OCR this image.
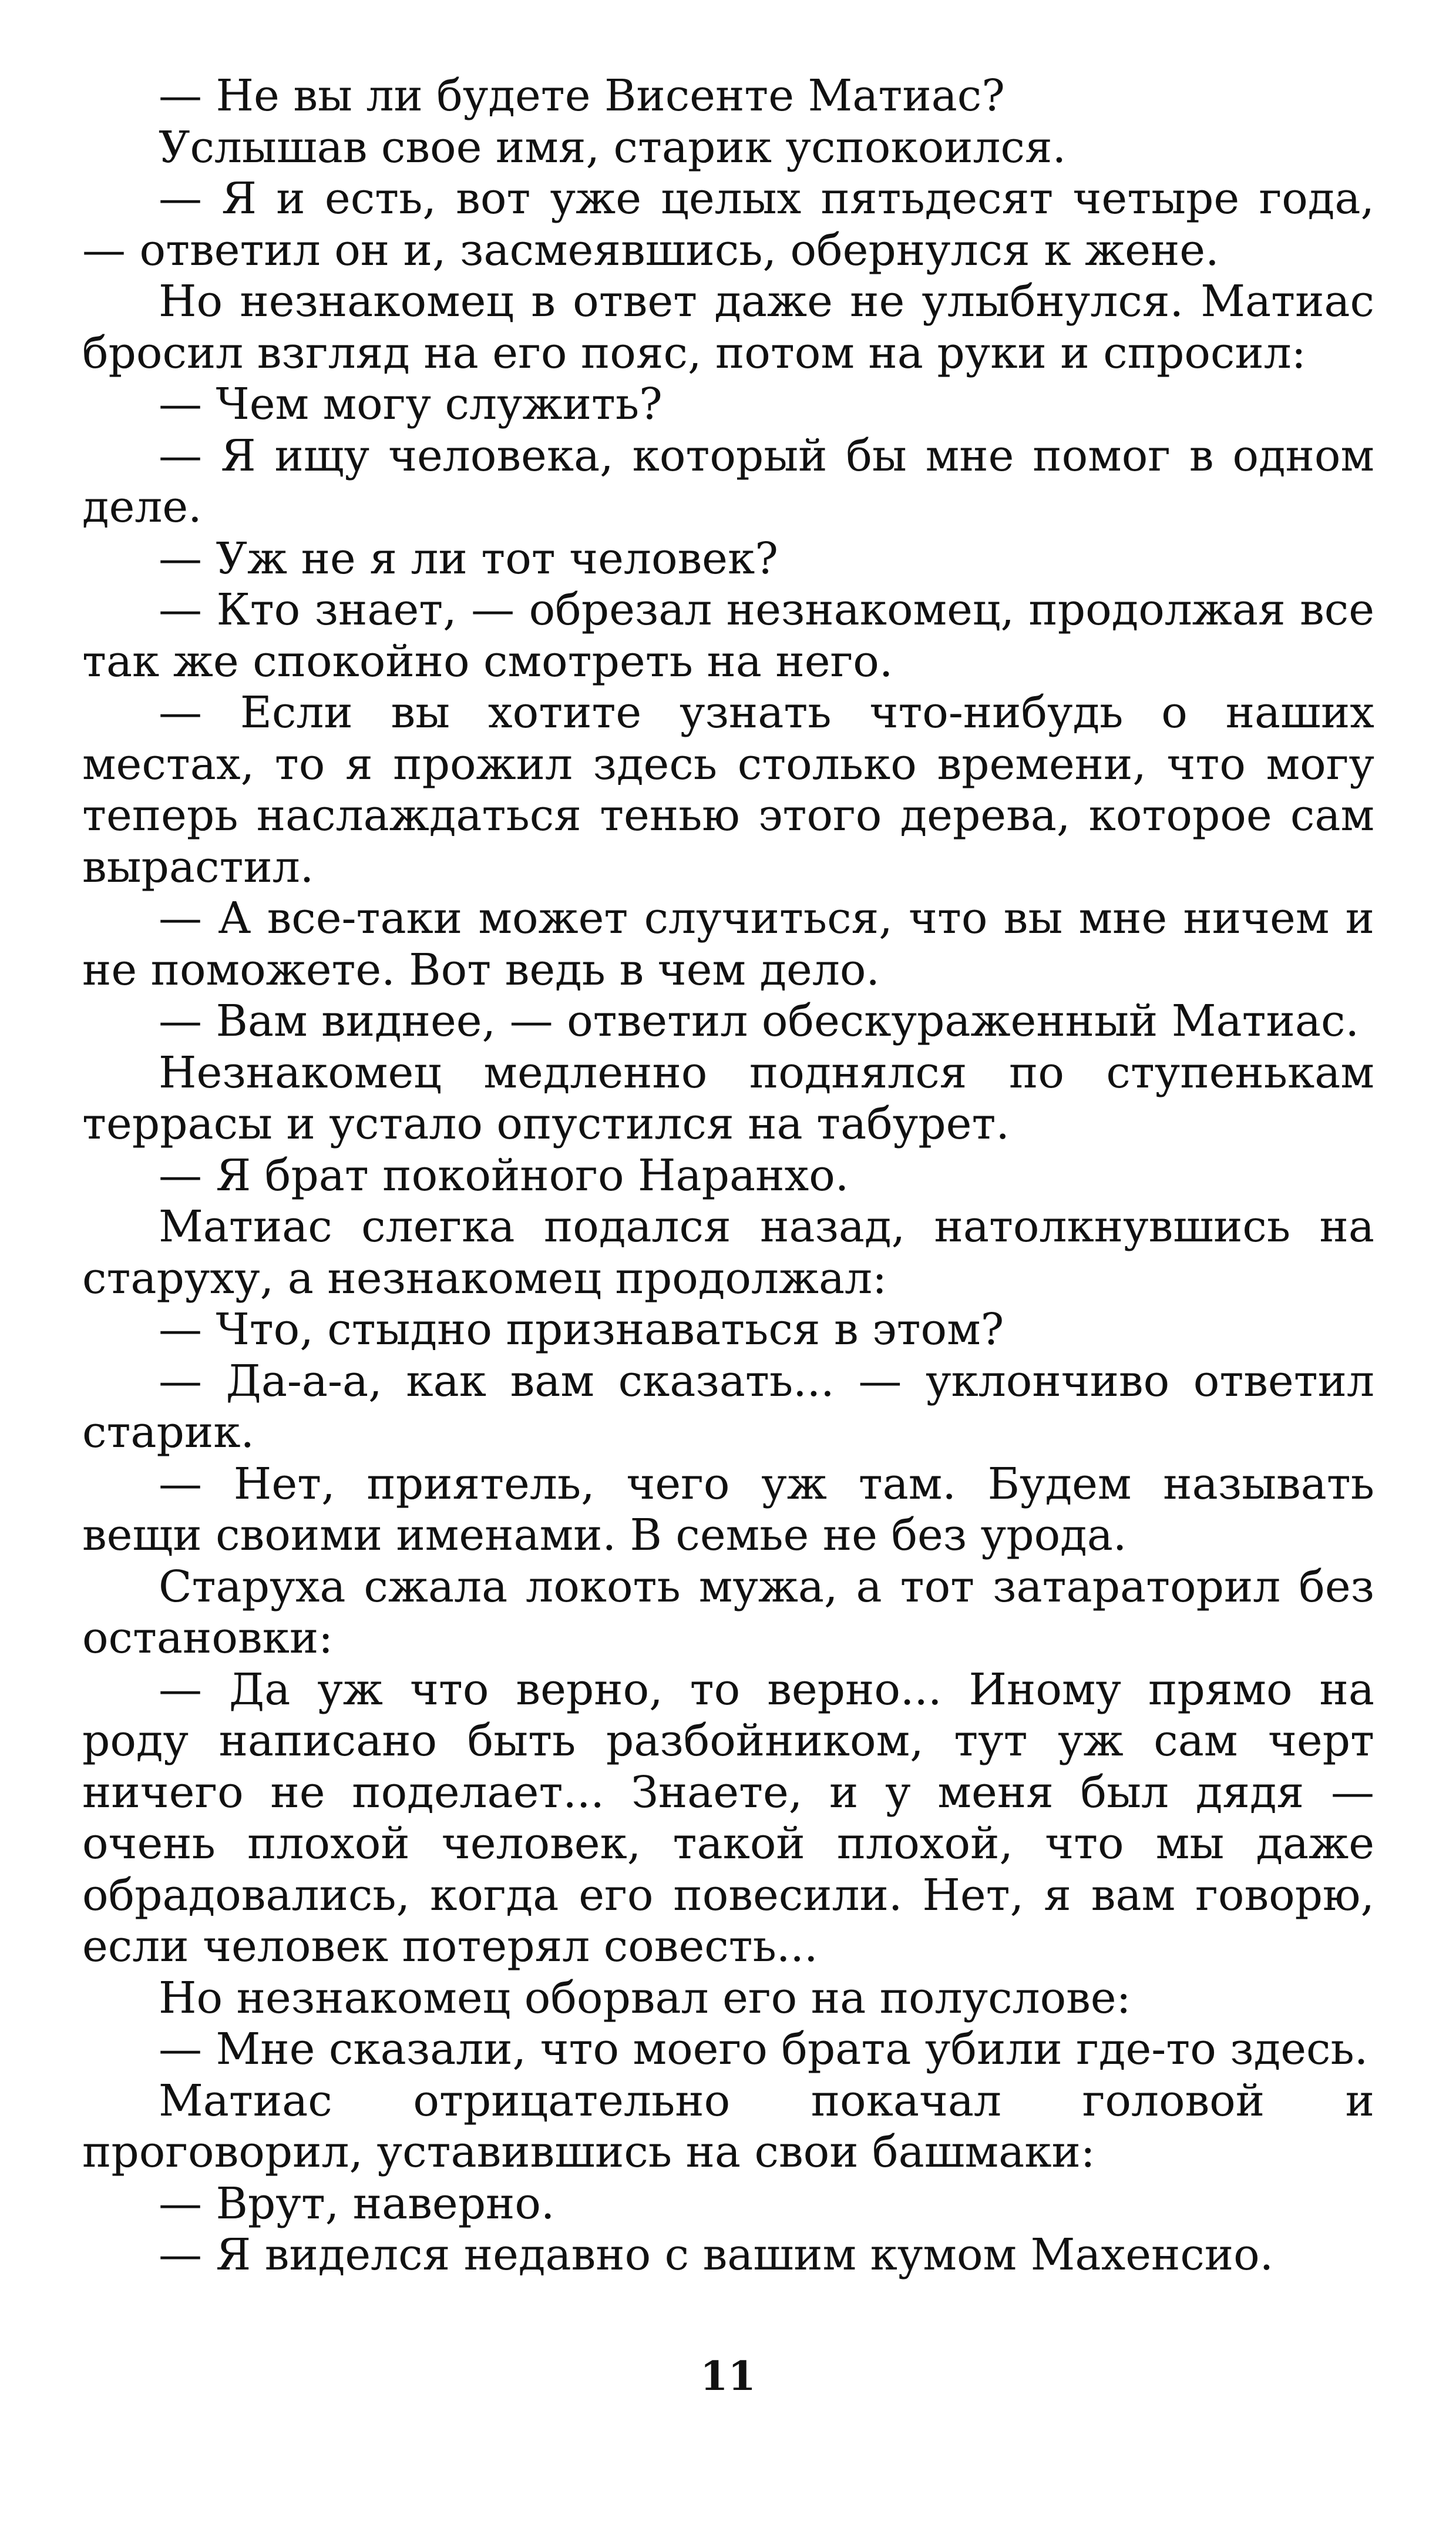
— Не вы ли будете Висенте Матиас?

Услышав свое имя, старик успокоился.

— Я и есть, вот уже целых пятьдесят четыре года, — ответил он и, засмеявшись, обернулся к жене.

Но незнакомец в ответ даже не улыбнулся. Матиас бросил взгляд на его пояс, потом на руки и спросил:

— Чем могу служить?

— Я ищу человека, который бы мне помог в одном деле.

— Уж не я ли тот человек?

— Кто знает, — обрезал незнакомец, продолжая все так же спокойно смотреть на него.

— Если вы хотите узнать что-нибудь о наших местах, то я прожил здесь столько времени, что могу теперь наслаждаться тенью этого дерева, которое сам вырастил.

— А все-таки может случиться, что вы мне ничем и не поможете. Вот ведь в чем дело.

— Вам виднее, — ответил обескураженный Матиас.

Незнакомец медленно поднялся по ступенькам террасы и устало опустился на табурет.

— Я брат покойного Наранхо.

Матиас слегка подался назад, натолкнувшись на старуху, а незнакомец продолжал:

— Что, стыдно признаваться в этом?

— Да-а-а, как вам сказать... — уклончиво ответил старик.

— Нет, приятель, чего уж там. Будем называть вещи своими именами. В семье не без урода.

Старуха сжала локоть мужа, а тот затараторил без остановки:

— Да уж что верно, то верно... Иному прямо на роду написано быть разбойником, тут уж сам черт ничего не поделает... Знаете, и у меня был дядя — очень плохой человек, такой плохой, что мы даже обрадовались, когда его повесили. Нет, я вам говорю, если человек потерял совесть...

Но незнакомец оборвал его на полуслове:

— Мне сказали, что моего брата убили где-то здесь.

Матиас отрицательно покачал головой и проговорил, уставившись на свои башмаки:

— Врут, наверно.

— Я виделся недавно с вашим кумом Махенсио.

11
